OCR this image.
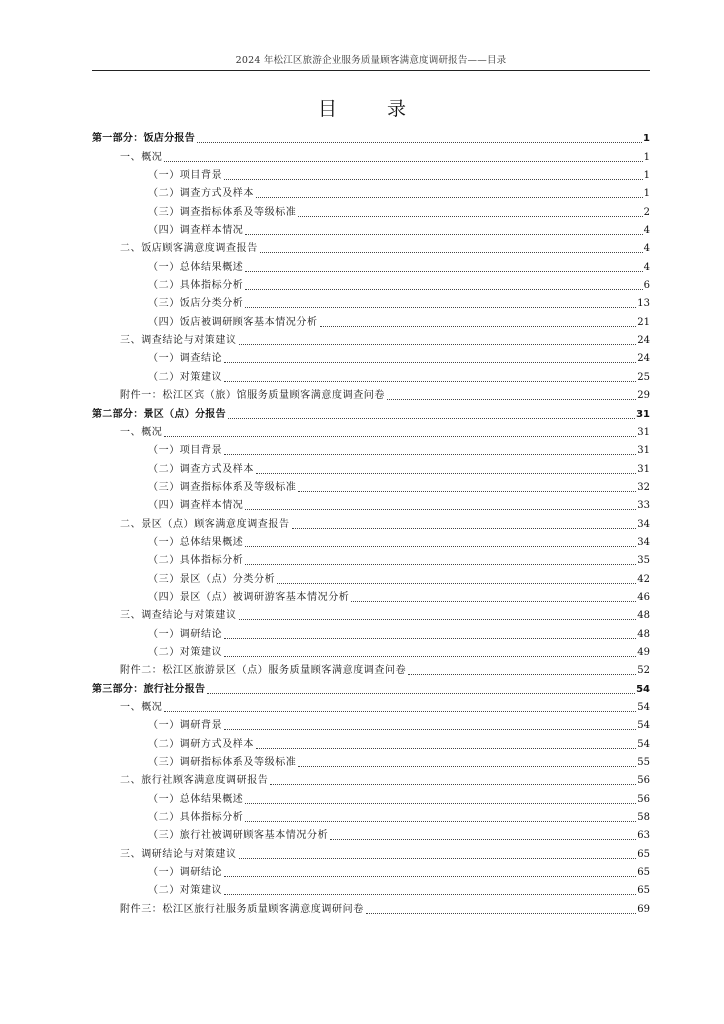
2024 年松江区旅游企业服务质量顾客满意度调研报告——目录
目 录
第一部分：饭店分报告	1
一、概况	1
（一）项目背景	1
（二）调查方式及样本	1
（三）调查指标体系及等级标准	2
（四）调查样本情况	4
二、饭店顾客满意度调查报告	4
（一）总体结果概述	4
（二）具体指标分析	6
（三）饭店分类分析	13
（四）饭店被调研顾客基本情况分析	21
三、调查结论与对策建议	24
（一）调查结论	24
（二）对策建议	25
附件一：松江区宾（旅）馆服务质量顾客满意度调查问卷	29
第二部分：景区（点）分报告	31
一、概况	31
（一）项目背景	31
（二）调查方式及样本	31
（三）调查指标体系及等级标准	32
（四）调查样本情况	33
二、景区（点）顾客满意度调查报告	34
（一）总体结果概述	34
（二）具体指标分析	35
（三）景区（点）分类分析	42
（四）景区（点）被调研游客基本情况分析	46
三、调查结论与对策建议	48
（一）调研结论	48
（二）对策建议	49
附件二：松江区旅游景区（点）服务质量顾客满意度调查问卷	52
第三部分：旅行社分报告	54
一、概况	54
（一）调研背景	54
（二）调研方式及样本	54
（三）调研指标体系及等级标准	55
二、旅行社顾客满意度调研报告	56
（一）总体结果概述	56
（二）具体指标分析	58
（三）旅行社被调研顾客基本情况分析	63
三、调研结论与对策建议	65
（一）调研结论	65
（二）对策建议	65
附件三：松江区旅行社服务质量顾客满意度调研问卷	69
